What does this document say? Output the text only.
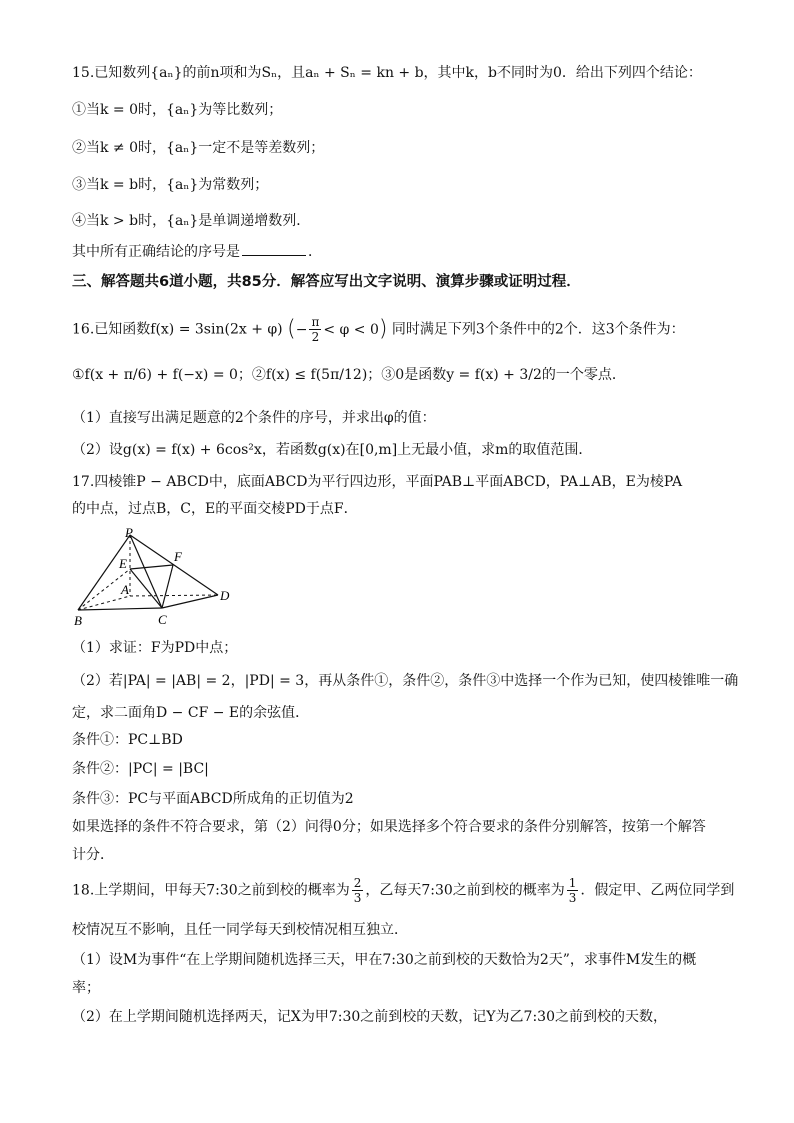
15.已知数列{aₙ}的前n项和为Sₙ，且aₙ + Sₙ = kn + b，其中k，b不同时为0．给出下列四个结论：
①当k = 0时，{aₙ}为等比数列；
②当k ≠ 0时，{aₙ}一定不是等差数列；
③当k = b时，{aₙ}为常数列；
④当k > b时，{aₙ}是单调递增数列．
其中所有正确结论的序号是	．
三、解答题共6道小题，共85分．解答应写出文字说明、演算步骤或证明过程．
16.已知函数f(x) = 3sin(2x + φ) (− $\frac{\pi}{2} < \varphi < 0$) 同时满足下列3个条件中的2个．这3个条件为：
①f(x + π/6) + f(−x) = 0；②f(x) ≤ f(5π/12)；③0是函数y = f(x) + 3/2的一个零点．
（1）直接写出满足题意的2个条件的序号，并求出φ的值：
（2）设g(x) = f(x) + 6cos²x，若函数g(x)在[0,m]上无最小值，求m的取值范围．
17.四棱锥P − ABCD中，底面ABCD为平行四边形，平面PAB⊥平面ABCD，PA⊥AB，E为棱PA
的中点，过点B，C，E的平面交棱PD于点F．
P
E	F
A
B	C
D
（1）求证：F为PD中点；
（2）若|PA| = |AB| = 2，|PD| = 3，再从条件①，条件②，条件③中选择一个作为已知，使四棱锥唯一确
定，求二面角D − CF − E的余弦值．
条件①：PC⊥BD
条件②：|PC| = |BC|
条件③：PC与平面ABCD所成角的正切值为2
如果选择的条件不符合要求，第（2）问得0分；如果选择多个符合要求的条件分别解答，按第一个解答
计分．
18.上学期间，甲每天7:30之前到校的概率为 $\frac{2}{3}$ ，乙每天7:30之前到校的概率为 $\frac{1}{3}$ ．假定甲、乙两位同学到
校情况互不影响，且任一同学每天到校情况相互独立．
（1）设M为事件“在上学期间随机选择三天，甲在7:30之前到校的天数恰为2天”，求事件M发生的概
率；
（2）在上学期间随机选择两天，记X为甲7:30之前到校的天数，记Y为乙7:30之前到校的天数，
